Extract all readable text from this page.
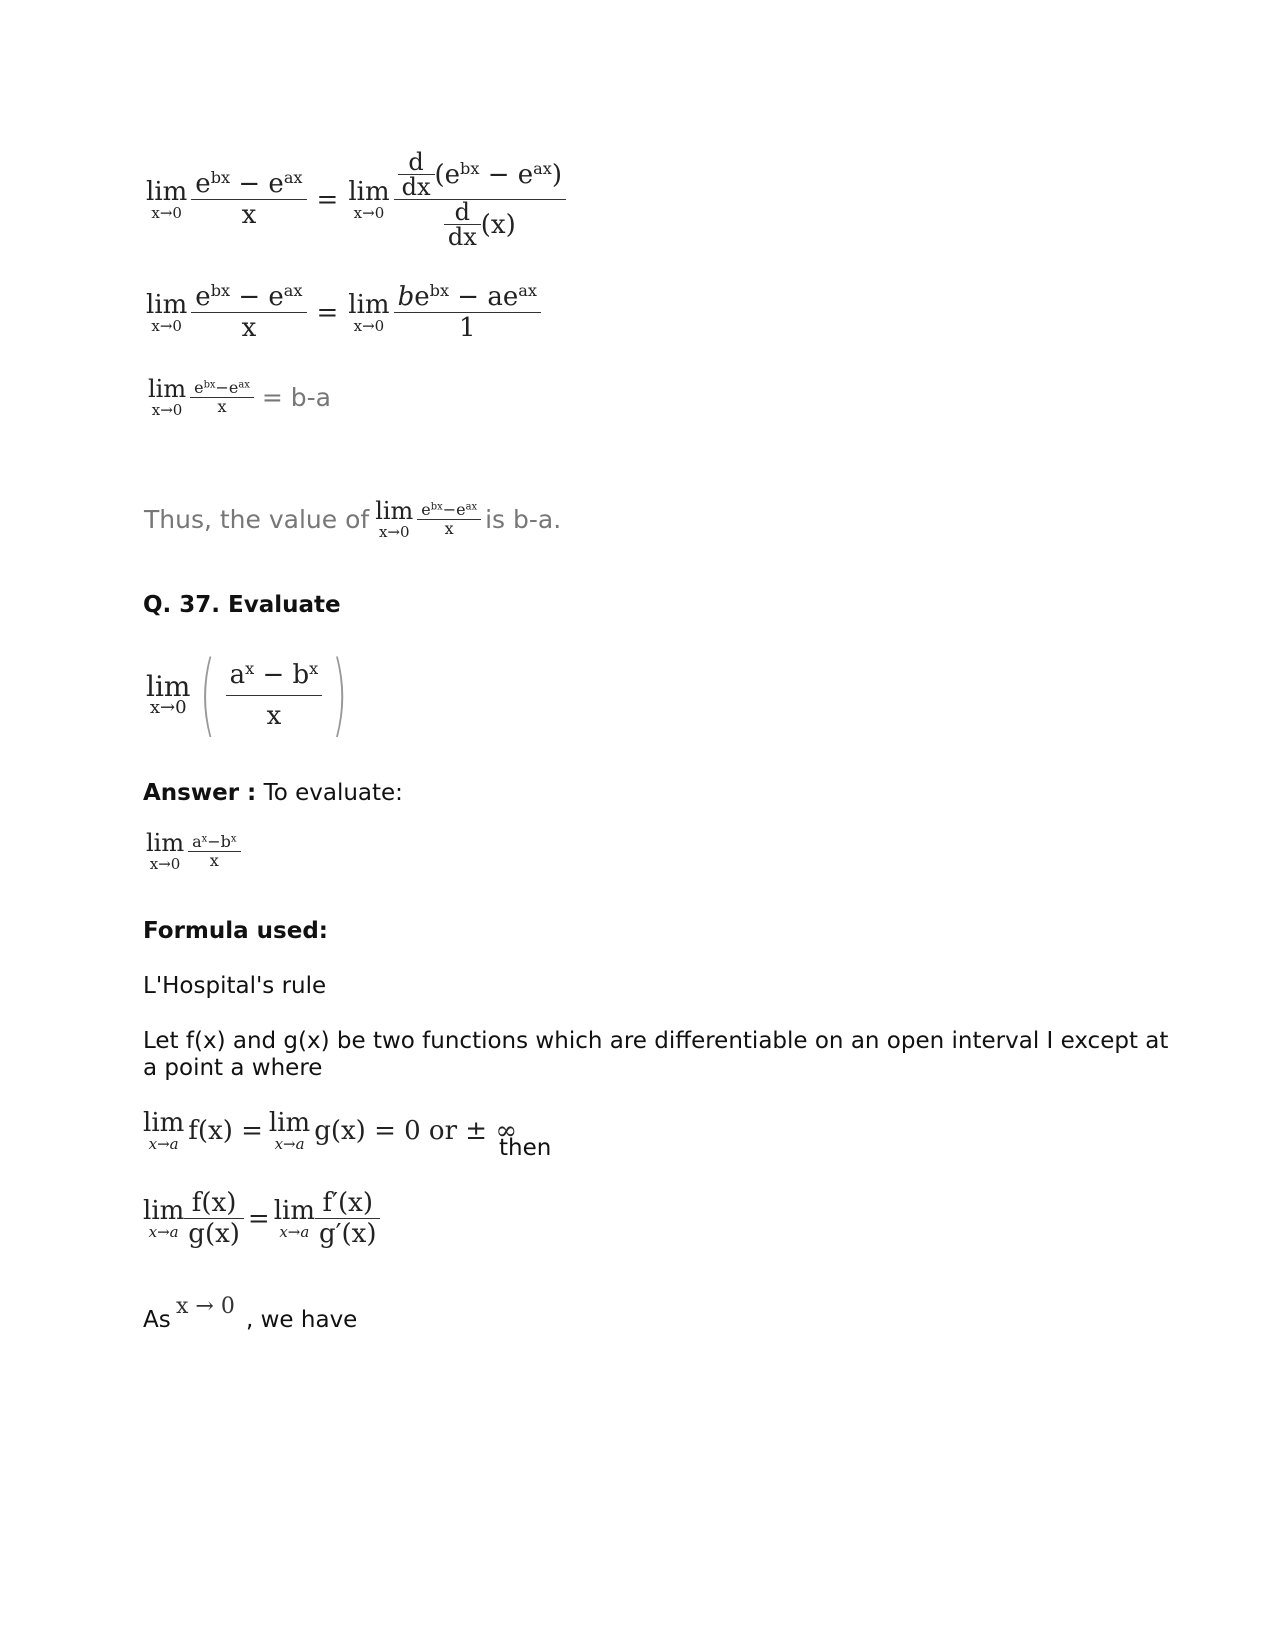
lim
$x\to 0 \frac{e^{bx} - e^{ax}}{x} = \lim$
$x\to 0 \frac{\frac{d}{dx} (e^{bx} - e^{ax})}{\frac{d}{dx} (x)}$
lim
$x\to 0 \frac{e^{bx} - e^{ax}}{x} = \lim$
$x\to 0 \frac{be^{bx} - ae^{ax}}{1}$
lim
$x\to 0 \frac{e^{bx}-e^{ax}}{x} = b-a$
Thus, the value of lim
$x\to 0 \frac{e^{bx}-e^{ax}}{x}$ is b-a.
Q. 37. Evaluate
lim
x→0 ( $\frac{a^x - b^x}{x}$ )
Answer : To evaluate:
lim
$x\to 0 \frac{a^x-b^x}{x}$
Formula used:
L'Hospital's rule
Let f(x) and g(x) be two functions which are differentiable on an open interval I except at
a point a where
lim
x→a f(x) = lim
x→a g(x) = 0 or ± ∞
then
lim
$x\to a \frac{f(x)}{g(x)} = \lim$
$x\to a \frac{f'(x)}{g'(x)}$
As
x → 0
, we have
